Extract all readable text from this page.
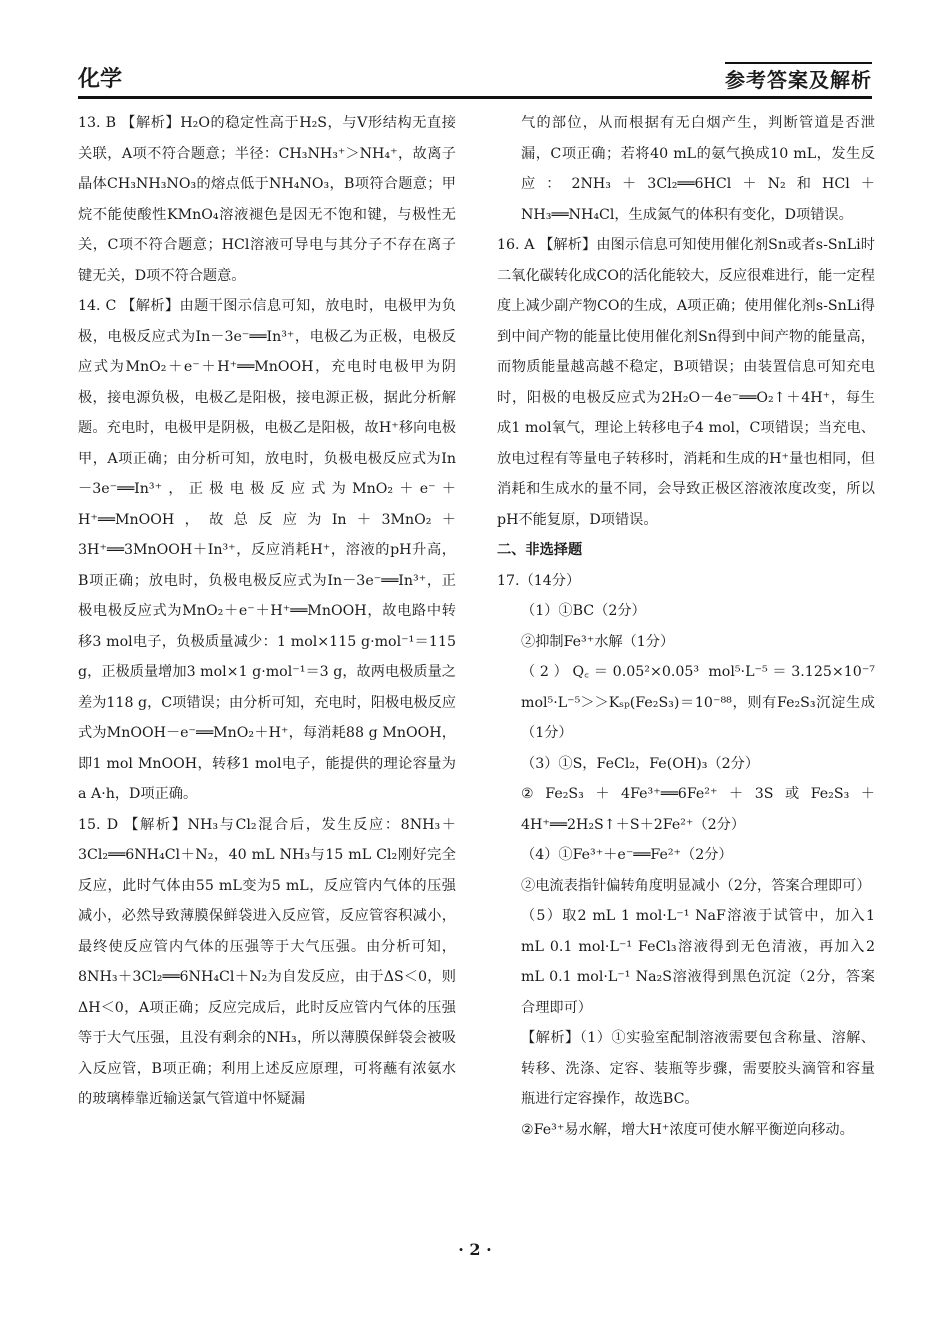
化学	参考答案及解析

13. B 【解析】H₂O的稳定性高于H₂S，与V形结构无直接关联，A项不符合题意；半径：CH₃NH₃⁺＞NH₄⁺，故离子晶体CH₃NH₃NO₃的熔点低于NH₄NO₃，B项符合题意；甲烷不能使酸性KMnO₄溶液褪色是因无不饱和键，与极性无关，C项不符合题意；HCl溶液可导电与其分子不存在离子键无关，D项不符合题意。

14. C 【解析】由题干图示信息可知，放电时，电极甲为负极，电极反应式为In－3e⁻══In³⁺，电极乙为正极，电极反应式为MnO₂＋e⁻＋H⁺══MnOOH，充电时电极甲为阴极，接电源负极，电极乙是阳极，接电源正极，据此分析解题。充电时，电极甲是阴极，电极乙是阳极，故H⁺移向电极甲，A项正确；由分析可知，放电时，负极电极反应式为In－3e⁻══In³⁺，正极电极反应式为MnO₂＋e⁻＋H⁺══MnOOH，故总反应为In＋3MnO₂＋3H⁺══3MnOOH＋In³⁺，反应消耗H⁺，溶液的pH升高，B项正确；放电时，负极电极反应式为In－3e⁻══In³⁺，正极电极反应式为MnO₂＋e⁻＋H⁺══MnOOH，故电路中转移3 mol电子，负极质量减少：1 mol×115 g·mol⁻¹＝115 g，正极质量增加3 mol×1 g·mol⁻¹＝3 g，故两电极质量之差为118 g，C项错误；由分析可知，充电时，阳极电极反应式为MnOOH－e⁻══MnO₂＋H⁺，每消耗88 g MnOOH，即1 mol MnOOH，转移1 mol电子，能提供的理论容量为a A·h，D项正确。

15. D 【解析】NH₃与Cl₂混合后，发生反应：8NH₃＋3Cl₂══6NH₄Cl＋N₂，40 mL NH₃与15 mL Cl₂刚好完全反应，此时气体由55 mL变为5 mL，反应管内气体的压强减小，必然导致薄膜保鲜袋进入反应管，反应管容积减小，最终使反应管内气体的压强等于大气压强。由分析可知，8NH₃＋3Cl₂══6NH₄Cl＋N₂为自发反应，由于ΔS＜0，则ΔH＜0，A项正确；反应完成后，此时反应管内气体的压强等于大气压强，且没有剩余的NH₃，所以薄膜保鲜袋会被吸入反应管，B项正确；利用上述反应原理，可将蘸有浓氨水的玻璃棒靠近输送氯气管道中怀疑漏

气的部位，从而根据有无白烟产生，判断管道是否泄漏，C项正确；若将40 mL的氨气换成10 mL，发生反应：2NH₃＋3Cl₂══6HCl＋N₂和HCl＋NH₃══NH₄Cl，生成氮气的体积有变化，D项错误。

16. A 【解析】由图示信息可知使用催化剂Sn或者s-SnLi时二氧化碳转化成CO的活化能较大，反应很难进行，能一定程度上减少副产物CO的生成，A项正确；使用催化剂s-SnLi得到中间产物的能量比使用催化剂Sn得到中间产物的能量高，而物质能量越高越不稳定，B项错误；由装置信息可知充电时，阳极的电极反应式为2H₂O－4e⁻══O₂↑＋4H⁺，每生成1 mol氧气，理论上转移电子4 mol，C项错误；当充电、放电过程有等量电子转移时，消耗和生成的H⁺量也相同，但消耗和生成水的量不同，会导致正极区溶液浓度改变，所以pH不能复原，D项错误。

二、非选择题

17.（14分）

（1）①BC（2分）

②抑制Fe³⁺水解（1分）

（2）Q꜀＝0.05²×0.05³ mol⁵·L⁻⁵＝3.125×10⁻⁷ mol⁵·L⁻⁵＞＞Kₛₚ(Fe₂S₃)＝10⁻⁸⁸，则有Fe₂S₃沉淀生成（1分）

（3）①S，FeCl₂，Fe(OH)₃（2分）

②Fe₂S₃＋4Fe³⁺══6Fe²⁺＋3S或Fe₂S₃＋4H⁺══2H₂S↑＋S＋2Fe²⁺（2分）

（4）①Fe³⁺＋e⁻══Fe²⁺（2分）

②电流表指针偏转角度明显减小（2分，答案合理即可）

（5）取2 mL 1 mol·L⁻¹ NaF溶液于试管中，加入1 mL 0.1 mol·L⁻¹ FeCl₃溶液得到无色清液，再加入2 mL 0.1 mol·L⁻¹ Na₂S溶液得到黑色沉淀（2分，答案合理即可）

【解析】（1）①实验室配制溶液需要包含称量、溶解、转移、洗涤、定容、装瓶等步骤，需要胶头滴管和容量瓶进行定容操作，故选BC。

②Fe³⁺易水解，增大H⁺浓度可使水解平衡逆向移动。

· 2 ·
